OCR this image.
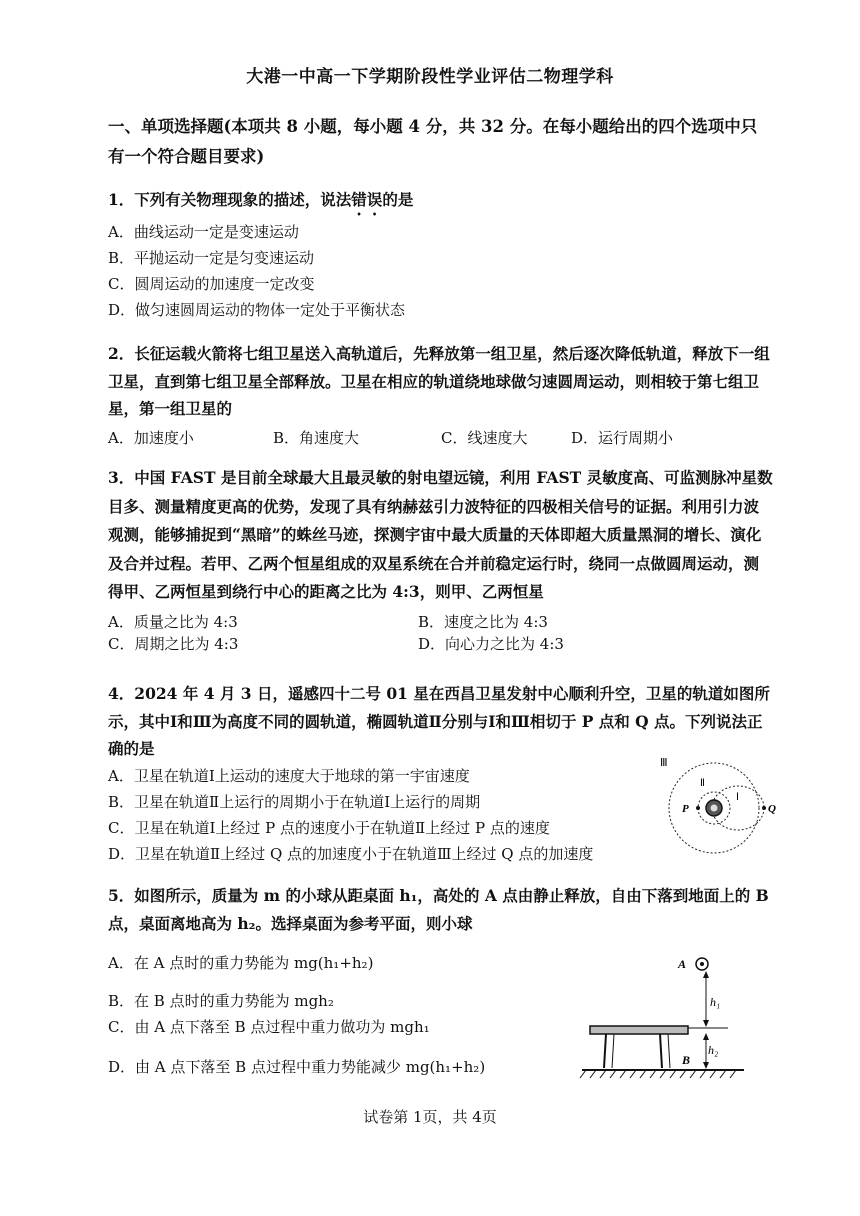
大港一中高一下学期阶段性学业评估二物理学科
一、单项选择题(本项共 8 小题，每小题 4 分，共 32 分。在每小题给出的四个选项中只有一个符合题目要求)
1．下列有关物理现象的描述，说法错误的是
A．曲线运动一定是变速运动
B．平抛运动一定是匀变速运动
C．圆周运动的加速度一定改变
D．做匀速圆周运动的物体一定处于平衡状态
2．长征运载火箭将七组卫星送入高轨道后，先释放第一组卫星，然后逐次降低轨道，释放下一组卫星，直到第七组卫星全部释放。卫星在相应的轨道绕地球做匀速圆周运动，则相较于第七组卫星，第一组卫星的
A．加速度小	B．角速度大	C．线速度大	D．运行周期小
3．中国 FAST 是目前全球最大且最灵敏的射电望远镜，利用 FAST 灵敏度高、可监测脉冲星数目多、测量精度更高的优势，发现了具有纳赫兹引力波特征的四极相关信号的证据。利用引力波观测，能够捕捉到“黑暗”的蛛丝马迹，探测宇宙中最大质量的天体即超大质量黑洞的增长、演化及合并过程。若甲、乙两个恒星组成的双星系统在合并前稳定运行时，绕同一点做圆周运动，测得甲、乙两恒星到绕行中心的距离之比为 4:3，则甲、乙两恒星
A．质量之比为 4:3	B．速度之比为 4:3
C．周期之比为 4:3	D．向心力之比为 4:3
4．2024 年 4 月 3 日，遥感四十二号 01 星在西昌卫星发射中心顺利升空，卫星的轨道如图所示，其中Ⅰ和Ⅲ为高度不同的圆轨道，椭圆轨道Ⅱ分别与Ⅰ和Ⅲ相切于 P 点和 Q 点。下列说法正确的是
A．卫星在轨道Ⅰ上运动的速度大于地球的第一宇宙速度
B．卫星在轨道Ⅱ上运行的周期小于在轨道Ⅰ上运行的周期
C．卫星在轨道Ⅰ上经过 P 点的速度小于在轨道Ⅱ上经过 P 点的速度
D．卫星在轨道Ⅱ上经过 Q 点的加速度小于在轨道Ⅲ上经过 Q 点的加速度
Ⅲ
Ⅱ
Ⅰ
P	Q
5．如图所示，质量为 m 的小球从距桌面 h₁，高处的 A 点由静止释放，自由下落到地面上的 B 点，桌面离地高为 h₂。选择桌面为参考平面，则小球
A．在 A 点时的重力势能为 mg(h₁+h₂)
B．在 B 点时的重力势能为 mgh₂
C．由 A 点下落至 B 点过程中重力做功为 mgh₁
D．由 A 点下落至 B 点过程中重力势能减少 mg(h₁+h₂)
A
h₁
h₂
B
试卷第 1页，共 4页
